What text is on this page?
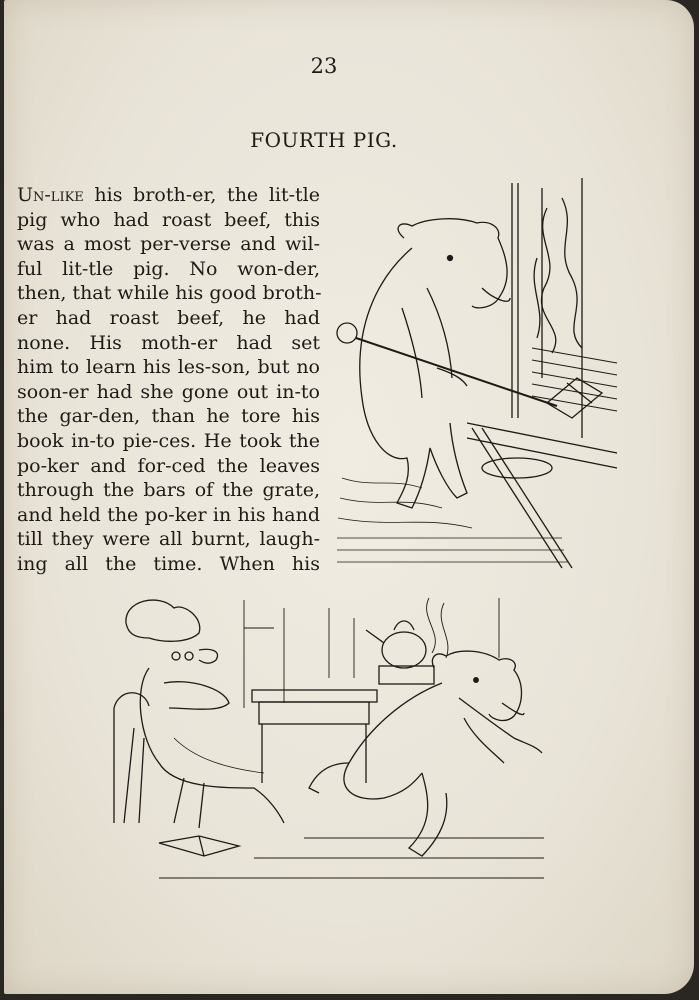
23
FOURTH PIG.
Un-like his broth-er, the lit-tle
pig who had roast beef, this
was a most per-verse and wil-
ful lit-tle pig. No won-der,
then, that while his good broth-
er had roast beef, he had
none. His moth-er had set
him to learn his les-son, but no
soon-er had she gone out in-to
the gar-den, than he tore his
book in-to pie-ces. He took the
po-ker and for-ced the leaves
through the bars of the grate,
and held the po-ker in his hand
till they were all burnt, laugh-
ing all the time. When his
